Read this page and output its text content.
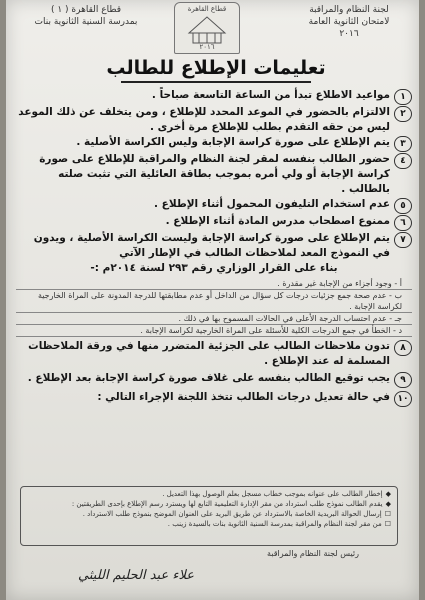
لجنة النظام والمراقبة
لامتحان الثانوية العامة
٢٠١٦
قطاع القاهرة
٢٠١٦
قطاع القاهرة ( ١ )
بمدرسة السنية الثانوية بنات
تعليمات الإطلاع للطالب
١
مواعيد الاطلاع تبدأ من الساعة التاسعة صباحاً .
٢
الالتزام بالحضور في الموعد المحدد للإطلاع ، ومن يتخلف عن ذلك الموعد ليس من حقه التقدم بطلب للإطلاع مرة أخرى .
٣
يتم الإطلاع على صورة كراسة الإجابة وليس الكراسة الأصلية .
٤
حضور الطالب بنفسه لمقر لجنة النظام والمراقبة للإطلاع على صورة كراسة الإجابة أو ولي أمره بموجب بطاقة العائلية التي تثبت صلته بالطالب .
٥
عدم استخدام التليفون المحمول أثناء الإطلاع .
٦
ممنوع اصطحاب مدرس المادة أثناء الإطلاع .
٧
يتم الإطلاع على صورة كراسة الإجابة وليست الكراسة الأصلية ، ويدون في النموذج المعد لملاحظات الطالب في الإطار الآتي
بناء على القرار الوزاري رقم ٢٩٣ لسنة ٢٠١٤م :-
أ - وجود أجزاء من الإجابة غير مقدرة .
ب - عدم صحة جمع جزئيات درجات كل سؤال من الداخل أو عدم مطابقتها للدرجة المدونة على المراة الخارجية لكراسة الإجابة .
جـ - عدم احتساب الدرجة الأعلى في الحالات المسموح بها في ذلك .
د - الخطأ في جمع الدرجات الكلية للأسئلة على المراة الخارجية لكراسة الإجابة .
٨
تدون ملاحظات الطالب على الجزئية المتضرر منها في ورقة الملاحظات المسلمة له عند الإطلاع .
٩
يجب توقيع الطالب بنفسه على غلاف صورة كراسة الإجابة بعد الإطلاع .
١٠
في حالة تعديل درجات الطالب تتخذ اللجنة الإجراء التالي :
◆
إخطار الطالب على عنوانه بموجب خطاب مسجل بعلم الوصول بهذا التعديل .
◆
يقدم الطالب نموذج طلب استرداد من مقر الإدارة التعليمية التابع لها ويسترد رسم الإطلاع بإحدى الطريقتين :
☐
إرسال الحوالة البريدية الخاصة بالاسترداد عن طريق البريد على العنوان الموضح بنموذج طلب الاسترداد .
☐
من مقر لجنة النظام والمراقبة بمدرسة السنية الثانوية بنات بالسيدة زينب .
رئيس لجنة النظام والمراقبة
علاء عبد الحليم الليثي
